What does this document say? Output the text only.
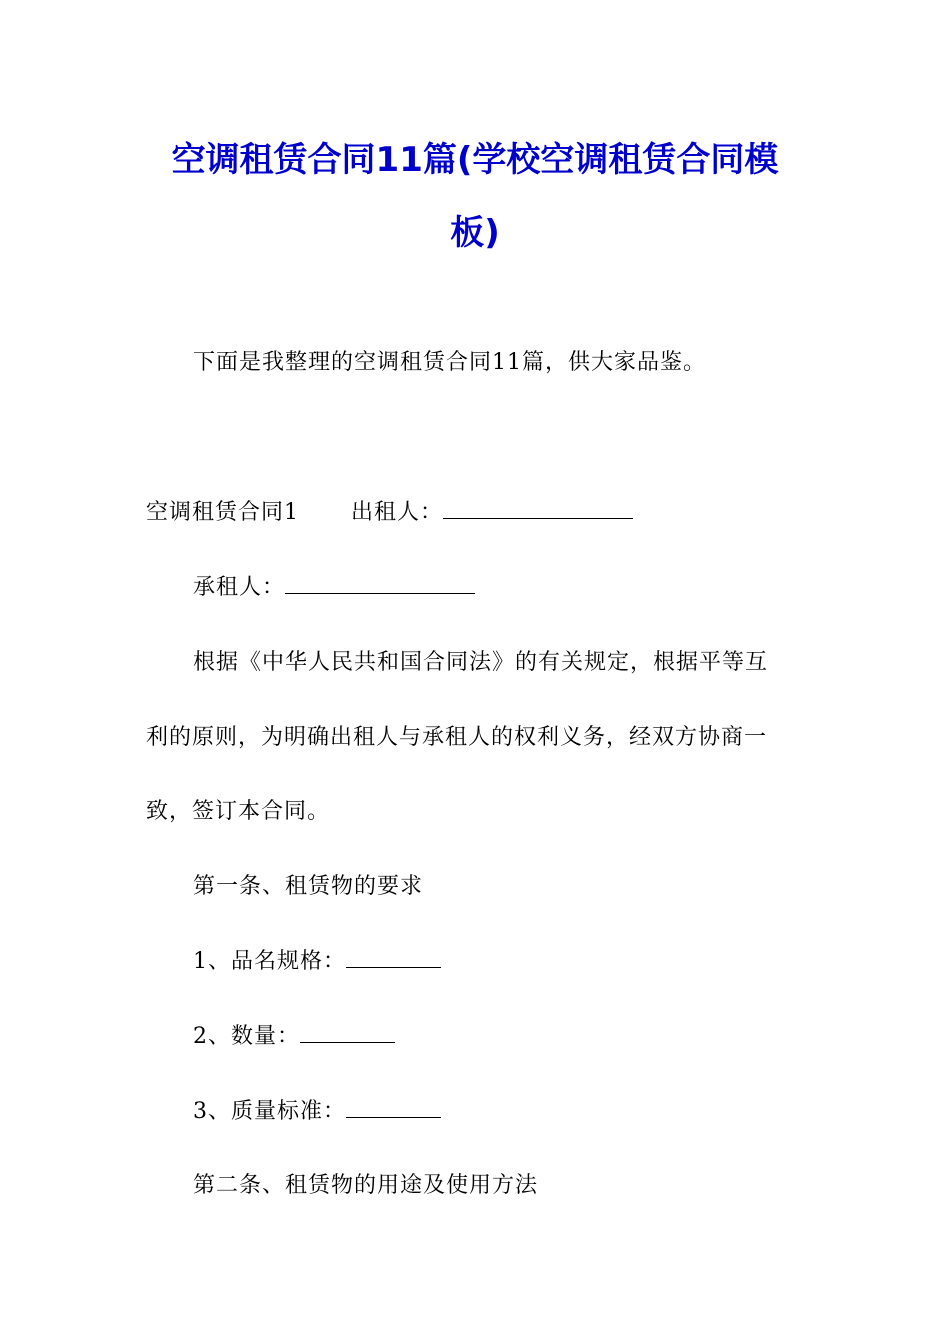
空调租赁合同11篇(学校空调租赁合同模
板)

下面是我整理的空调租赁合同11篇，供大家品鉴。

空调租赁合同1 出租人：

承租人：

根据《中华人民共和国合同法》的有关规定，根据平等互

利的原则，为明确出租人与承租人的权利义务，经双方协商一

致，签订本合同。

第一条、租赁物的要求

1、品名规格：

2、数量：

3、质量标准：

第二条、租赁物的用途及使用方法
